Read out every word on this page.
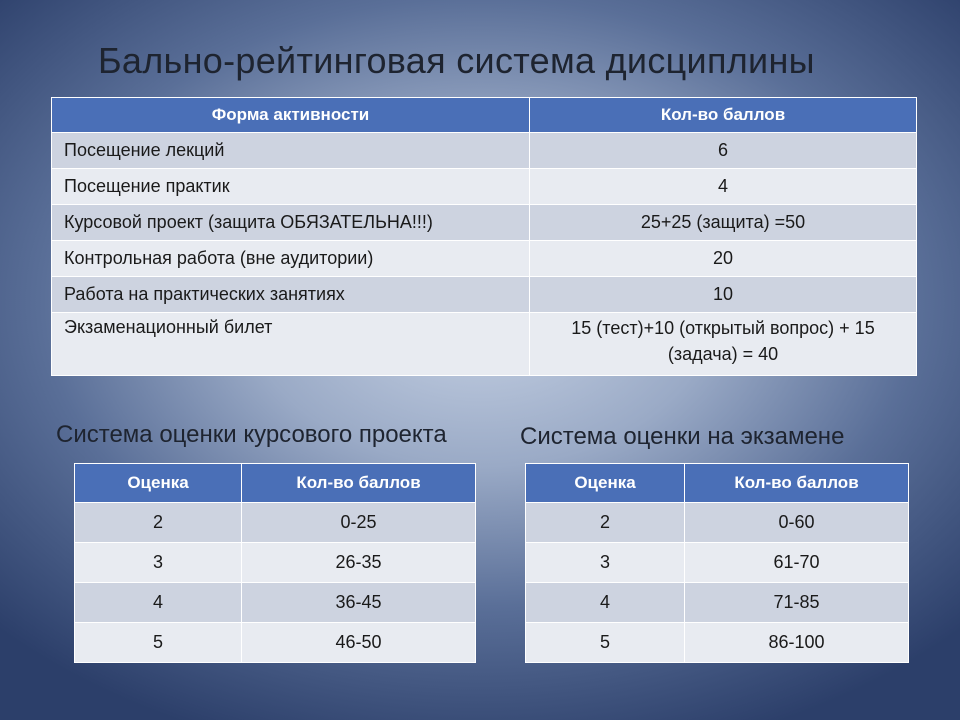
Бально-рейтинговая система дисциплины
Форма активности	Кол-во баллов
Посещение лекций	6
Посещение практик	4
Курсовой проект (защита ОБЯЗАТЕЛЬНА!!!)	25+25 (защита) =50
Контрольная работа (вне аудитории)	20
Работа на практических занятиях	10
Экзаменационный билет	15 (тест)+10 (открытый вопрос) + 15
(задача) = 40
Система оценки курсового проекта	Система оценки на экзамене
Оценка	Кол-во баллов
2	0-25
3	26-35
4	36-45
5	46-50
Оценка	Кол-во баллов
2	0-60
3	61-70
4	71-85
5	86-100
